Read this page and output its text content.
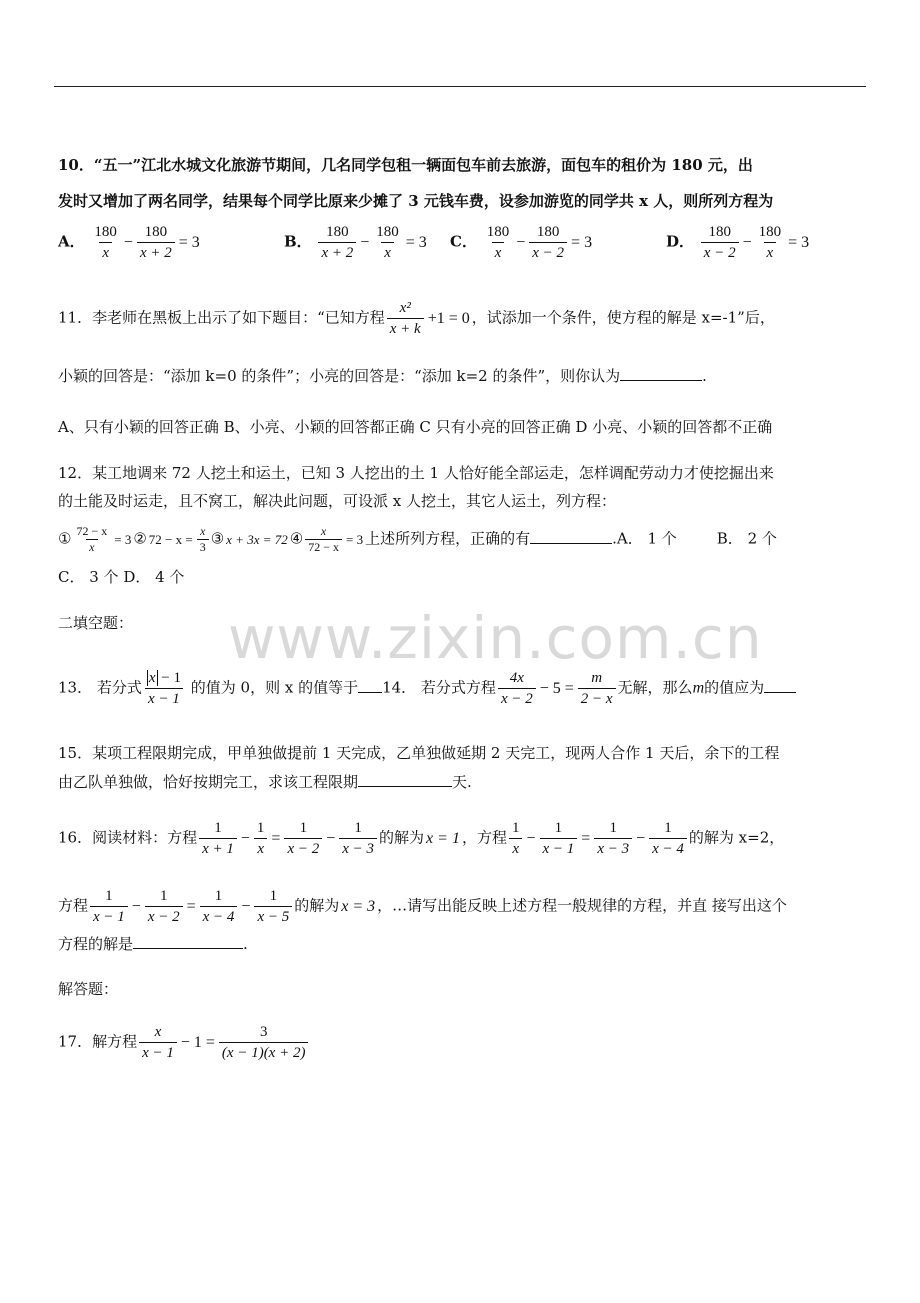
www.zixin.com.cn
10．“五一”江北水城文化旅游节期间，几名同学包租一辆面包车前去旅游，面包车的租价为 180 元，出
发时又增加了两名同学，结果每个同学比原来少摊了 3 元钱车费，设参加游览的同学共 x 人，则所列方程为
A． $\frac{180}{x} - \frac{180}{x + 2} = 3$	B． $\frac{180}{x + 2} - \frac{180}{x} = 3$ C． $\frac{180}{x} - \frac{180}{x - 2} = 3$	D． $\frac{180}{x - 2} - \frac{180}{x} = 3$
11．李老师在黑板上出示了如下题目：“已知方程 $\frac{\text{x²}}{x + k} +1 = 0$ ，试添加一个条件，使方程的解是 x=-1”后，
小颖的回答是：“添加 k=0 的条件”；小亮的回答是：“添加 k=2 的条件”，则你认为	.
A、只有小颖的回答正确 B、小亮、小颖的回答都正确 C 只有小亮的回答正确 D 小亮、小颖的回答都不正确
12．某工地调来 72 人挖土和运土，已知 3 人挖出的土 1 人恰好能全部运走，怎样调配劳动力才使挖掘出来
的土能及时运走，且不窝工，解决此问题，可设派 x 人挖土，其它人运土，列方程：
① $\frac{72 - x}{x} = 3$ ② $72 - x = \frac{x}{3}$ ③ x + 3x = 72 ④ $\frac{x}{72 - x} = 3$ 上述所列方程，正确的有	.A． 1 个	B． 2 个
C． 3 个 D． 4 个
二填空题：
13． 若分式 $\frac{x - 1}{x - 1}$ 的值为 0，则 x 的值等于 14． 若分式方程 $\frac{4x}{x - 2} - 5 = \frac{m}{2 - x}$ 无解，那么m的值应为
15．某项工程限期完成，甲单独做提前 1 天完成，乙单独做延期 2 天完工，现两人合作 1 天后，余下的工程
由乙队单独做，恰好按期完工，求该工程限期	天.
16．阅读材料：方程 $\frac{1}{x + 1} - \frac{1}{x} = \frac{1}{x - 2} - \frac{1}{x - 3}$ 的解为 x = 1 ，方程 $\frac{1}{x} - \frac{1}{x - 1} = \frac{1}{x - 3} - \frac{1}{x - 4}$ 的解为 x=2，
方程 $\frac{1}{x - 1} - \frac{1}{x - 2} = \frac{1}{x - 4} - \frac{1}{x - 5}$ 的解为 x = 3 ，…请写出能反映上述方程一般规律的方程，并直 接写出这个
方程的解是	.
解答题：
17．解方程 $\frac{x}{x - 1} - 1 = \frac{3}{(x - 1)(x + 2)}$
